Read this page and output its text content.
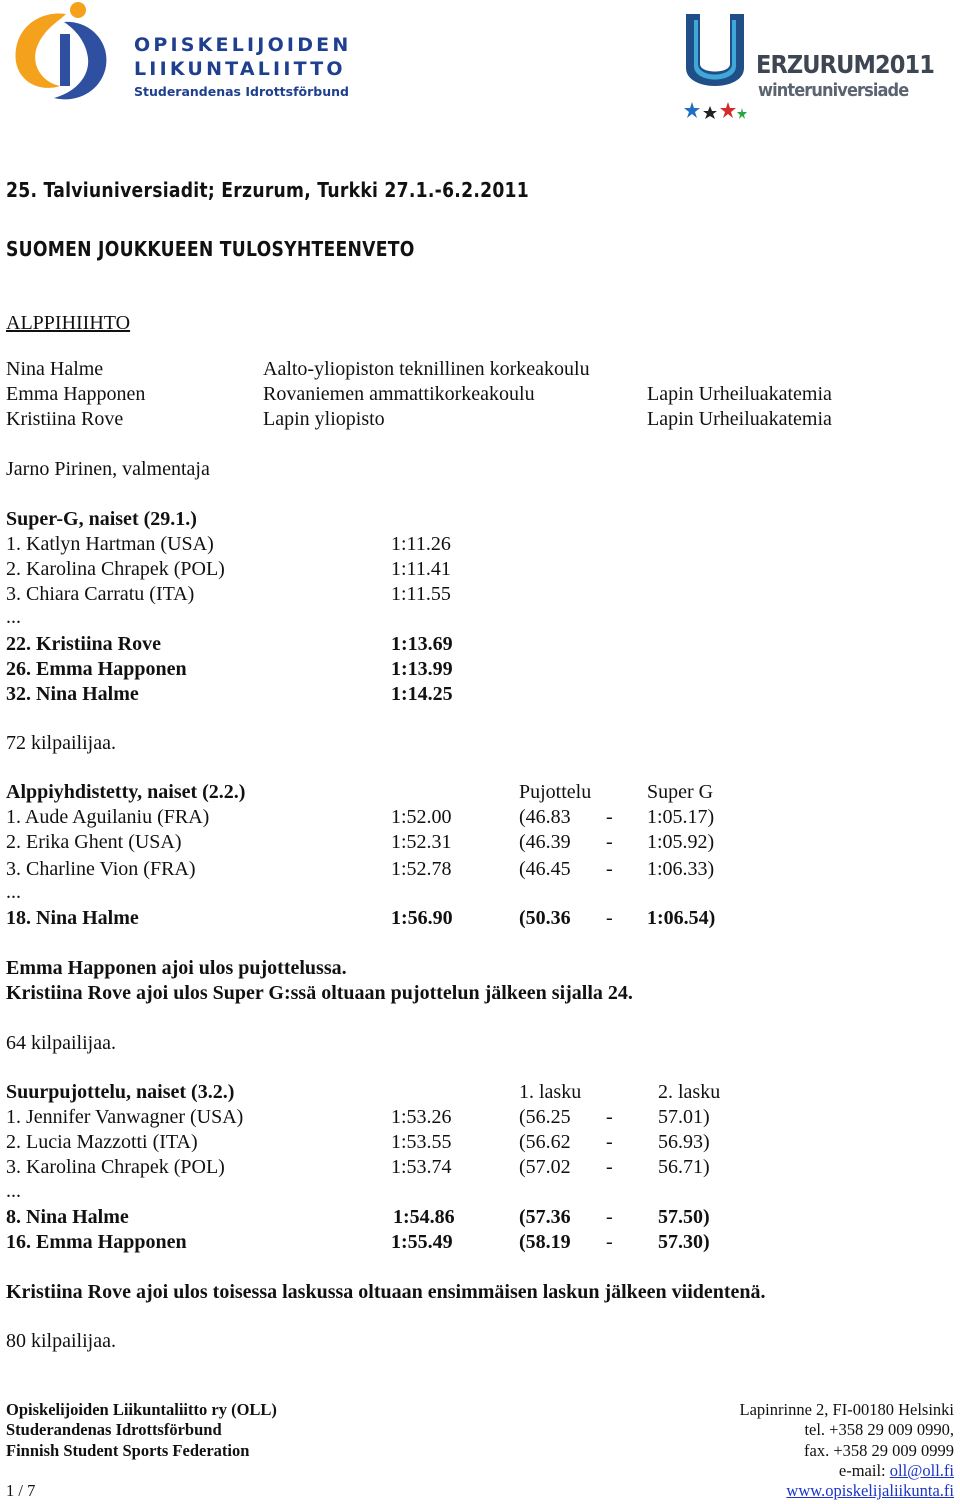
OPISKELIJOIDEN
LIIKUNTALIITTO
Studerandenas Idrottsförbund
ERZURUM2011
winteruniversiade
25. Talviuniversiadit; Erzurum, Turkki 27.1.-6.2.2011
SUOMEN JOUKKUEEN TULOSYHTEENVETO
ALPPIHIIHTO
Nina Halme	Aalto-yliopiston teknillinen korkeakoulu
Emma Happonen	Rovaniemen ammattikorkeakoulu	Lapin Urheiluakatemia
Kristiina Rove	Lapin yliopisto	Lapin Urheiluakatemia
Jarno Pirinen, valmentaja
Super-G, naiset (29.1.)
1. Katlyn Hartman (USA)	1:11.26
2. Karolina Chrapek (POL)	1:11.41
3. Chiara Carratu (ITA)	1:11.55
...
22. Kristiina Rove	1:13.69
26. Emma Happonen	1:13.99
32. Nina Halme	1:14.25
72 kilpailijaa.
Alppiyhdistetty, naiset (2.2.)	Pujottelu	Super G
1. Aude Aguilaniu (FRA)	1:52.00	(46.83 - 1:05.17)
2. Erika Ghent (USA)	1:52.31	(46.39 - 1:05.92)
3. Charline Vion (FRA)	1:52.78	(46.45 - 1:06.33)
...
18. Nina Halme	1:56.90	(50.36 - 1:06.54)
Emma Happonen ajoi ulos pujottelussa.
Kristiina Rove ajoi ulos Super G:ssä oltuaan pujottelun jälkeen sijalla 24.
64 kilpailijaa.
Suurpujottelu, naiset (3.2.)	1. lasku	2. lasku
1. Jennifer Vanwagner (USA)	1:53.26	(56.25 - 57.01)
2. Lucia Mazzotti (ITA)	1:53.55	(56.62 - 56.93)
3. Karolina Chrapek (POL)	1:53.74	(57.02 - 56.71)
...
8. Nina Halme	1:54.86	(57.36 - 57.50)
16. Emma Happonen	1:55.49	(58.19 - 57.30)
Kristiina Rove ajoi ulos toisessa laskussa oltuaan ensimmäisen laskun jälkeen viidentenä.
80 kilpailijaa.
Opiskelijoiden Liikuntaliitto ry (OLL)
Studerandenas Idrottsförbund
Finnish Student Sports Federation
1 / 7
Lapinrinne 2, FI-00180 Helsinki
tel. +358 29 009 0990,
fax. +358 29 009 0999
e-mail: oll@oll.fi
www.opiskelijaliikunta.fi
